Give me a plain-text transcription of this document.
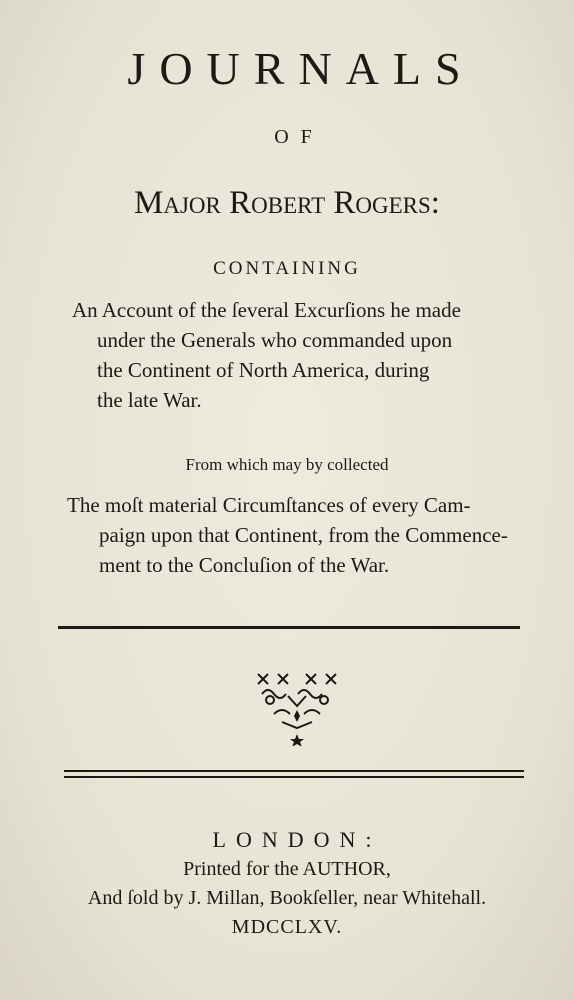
JOURNALS
OF
Major Robert Rogers:
CONTAINING
An Account of the ſeveral Excurſions he made
under the Generals who commanded upon
the Continent of North America, during
the late War.
From which may by collected
The moſt material Circumſtances of every Cam-
paign upon that Continent, from the Commence-
ment to the Concluſion of the War.
LONDON:
Printed for the AUTHOR,
And ſold by J. Millan, Bookſeller, near Whitehall.
MDCCLXV.
